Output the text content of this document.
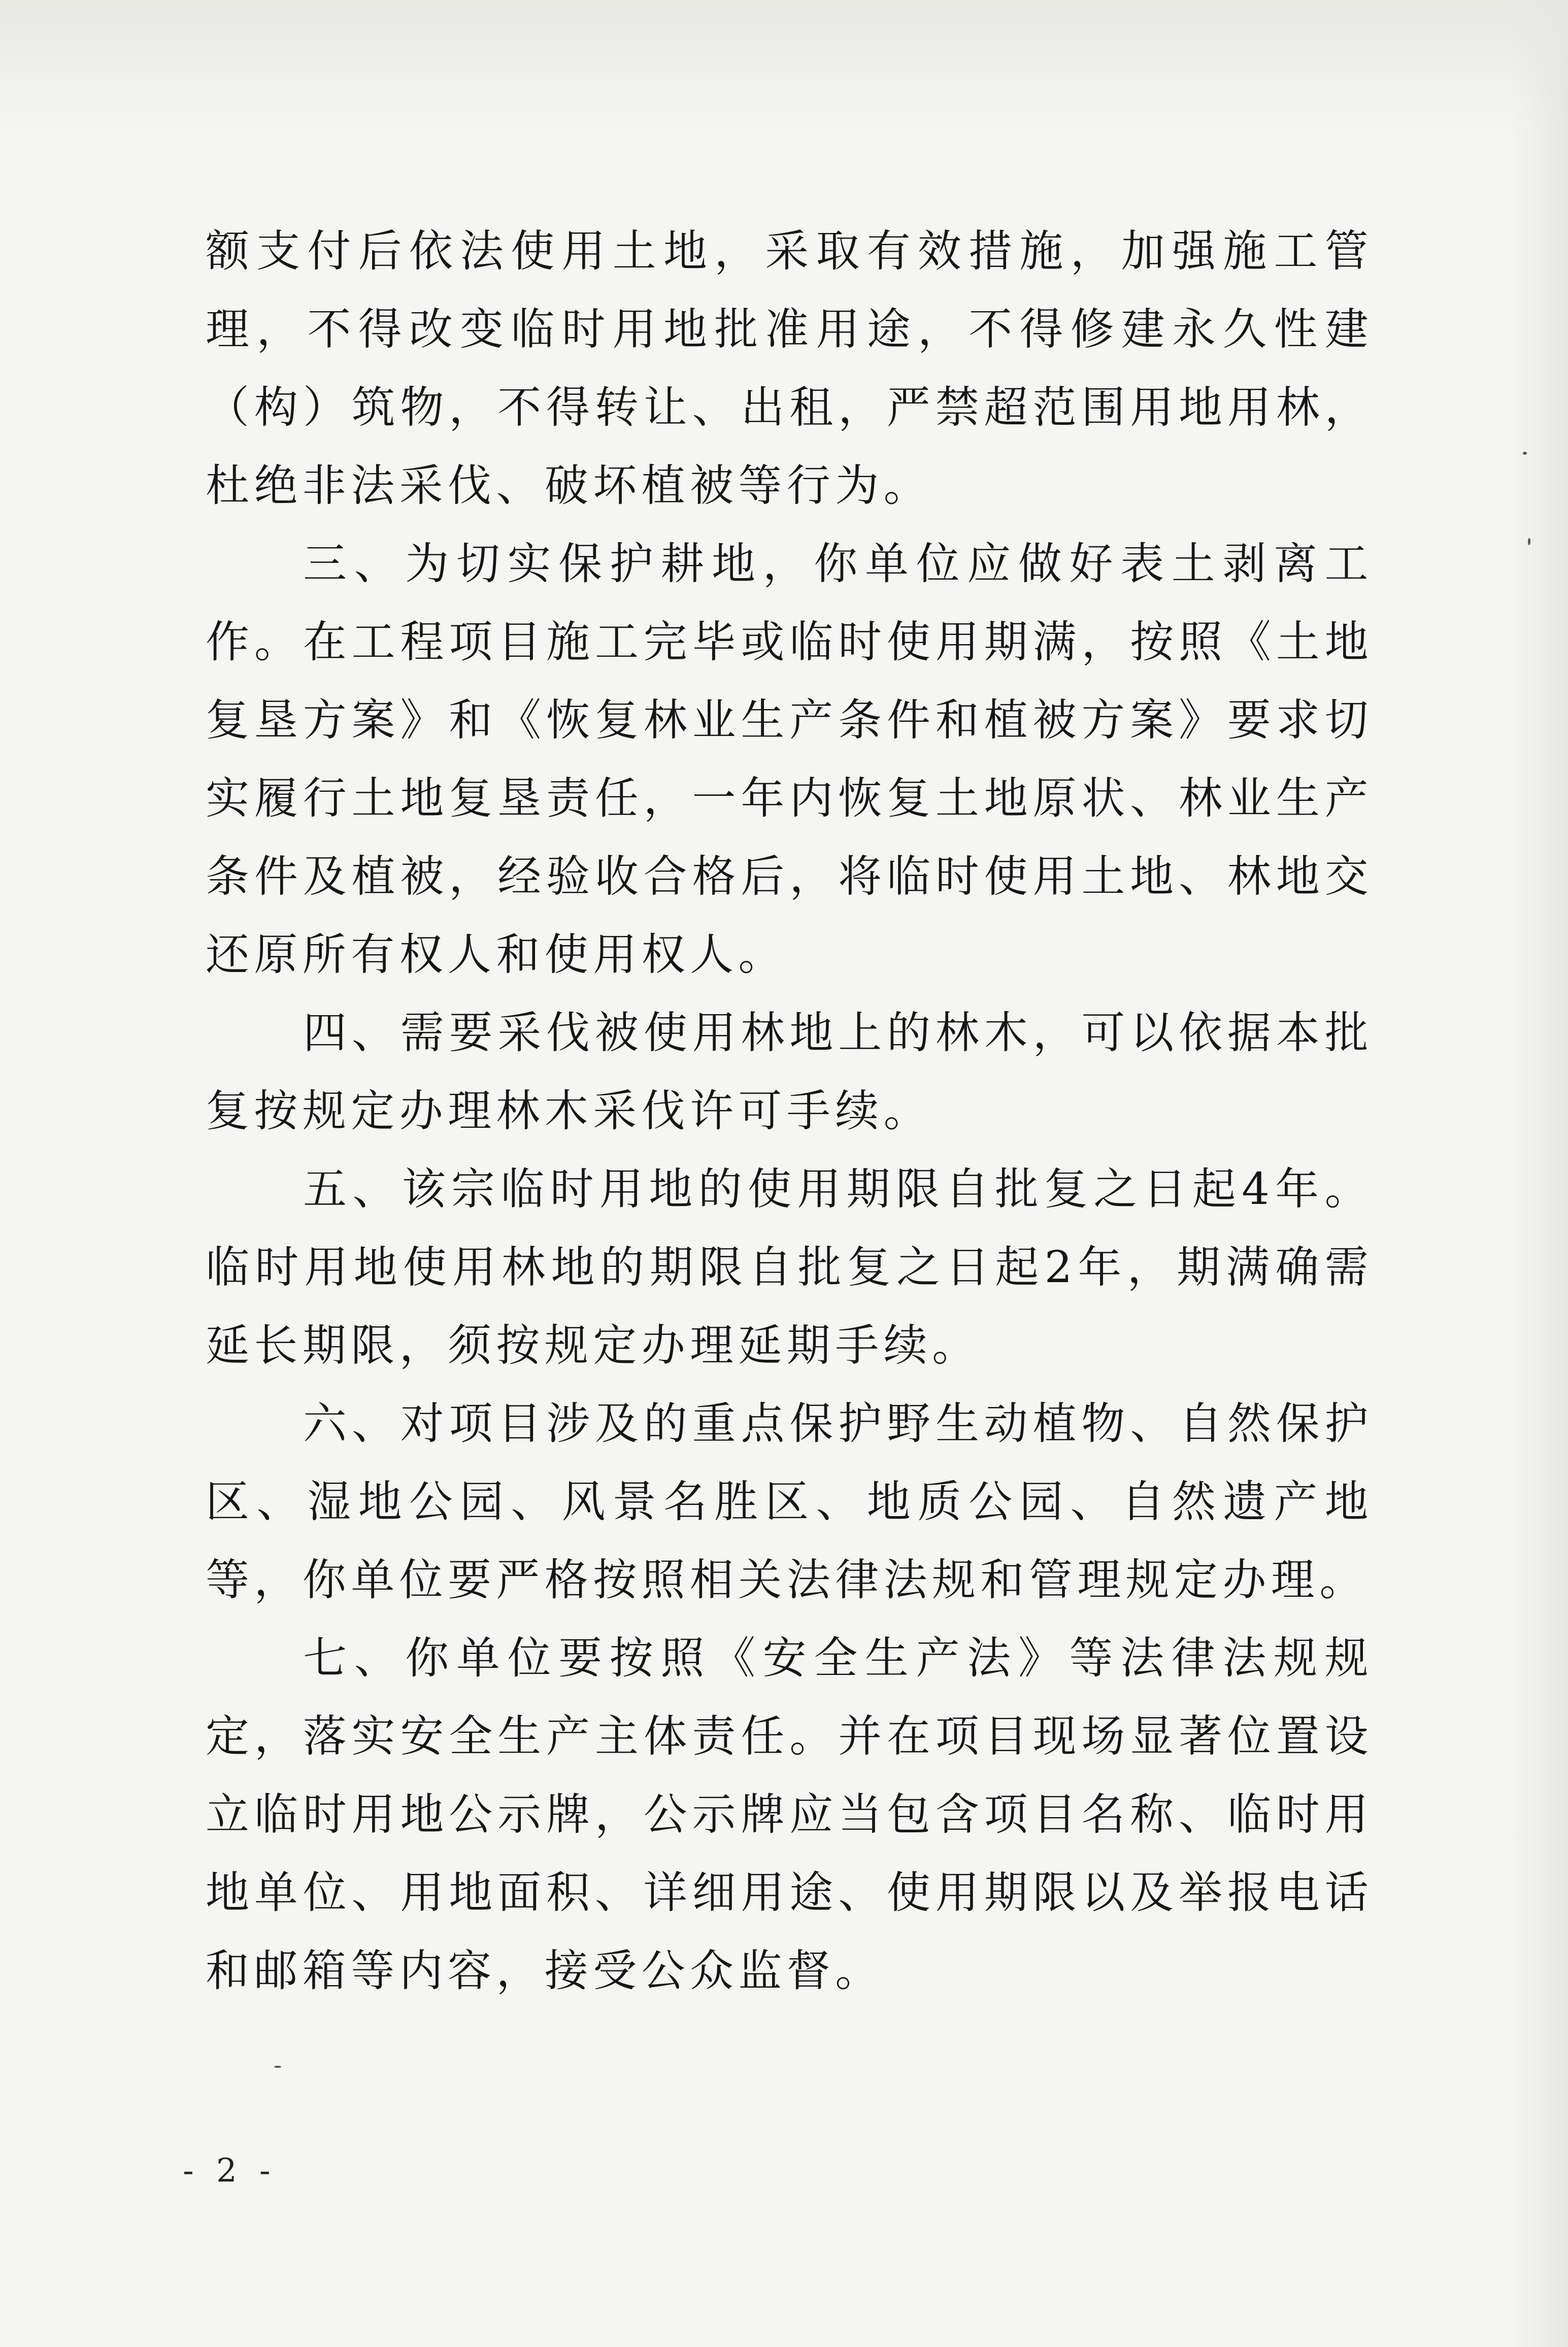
额支付后依法使用土地，采取有效措施，加强施工管理，不得改变临时用地批准用途，不得修建永久性建（构）筑物，不得转让、出租，严禁超范围用地用林，杜绝非法采伐、破坏植被等行为。

三、为切实保护耕地，你单位应做好表土剥离工作。在工程项目施工完毕或临时使用期满，按照《土地复垦方案》和《恢复林业生产条件和植被方案》要求切实履行土地复垦责任，一年内恢复土地原状、林业生产条件及植被，经验收合格后，将临时使用土地、林地交还原所有权人和使用权人。

四、需要采伐被使用林地上的林木，可以依据本批复按规定办理林木采伐许可手续。

五、该宗临时用地的使用期限自批复之日起4年。临时用地使用林地的期限自批复之日起2年，期满确需延长期限，须按规定办理延期手续。

六、对项目涉及的重点保护野生动植物、自然保护区、湿地公园、风景名胜区、地质公园、自然遗产地等，你单位要严格按照相关法律法规和管理规定办理。

七、你单位要按照《安全生产法》等法律法规规定，落实安全生产主体责任。并在项目现场显著位置设立临时用地公示牌，公示牌应当包含项目名称、临时用地单位、用地面积、详细用途、使用期限以及举报电话和邮箱等内容，接受公众监督。

- 2 -
